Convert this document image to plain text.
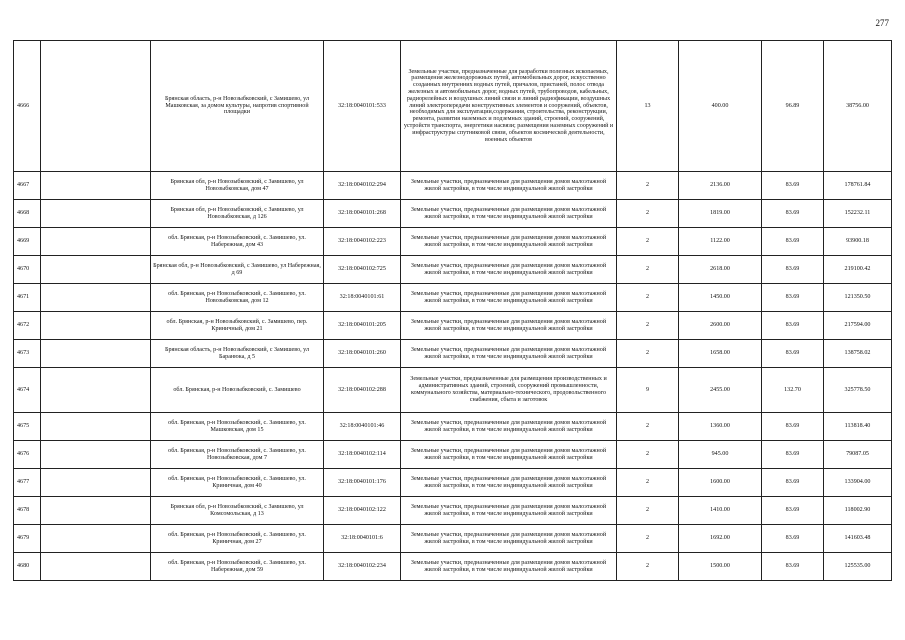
277
4666		Брянская область, р-н Новозыбковский, с Замишево, ул Машковская, за домом культуры, напротив спортивной площадки	32:18:0040101:533	Земельные участки, предназначенные для разработки полезных ископаемых, размещения железнодорожных путей, автомобильных дорог, искусственно созданных внутренних водных путей, причалов, пристаней, полос отвода железных и автомобильных дорог, водных путей, трубопроводов, кабельных, радиорелейных и воздушных линий связи и линий радиофикации, воздушных линий электропередачи конструктивных элементов и сооружений, объектов, необходимых для эксплуатации,содержания, строительства, реконструкции, ремонта, развития наземных и подземных зданий, строений, сооружений, устройств транспорта, энергетики иасвязи; размещения наземных сооружений и инфраструктуры спутниковой связи, объектов космической деятельности, военных объектов	13	400.00	96.89	38756.00
4667		Брянская обл, р-н Новозыбковский, с Замишево, ул Новозыбковская, дом 47	32:18:0040102:294	Земельные участки, предназначенные для размещения домов малоэтажной жилой застройки, в том числе индивидуальной жилой застройки	2	2136.00	83.69	178761.84
4668		Брянская обл, р-н Новозыбковский, с Замишево, ул Новозыбковская, д 126	32:18:0040101:268	Земельные участки, предназначенные для размещения домов малоэтажной жилой застройки, в том числе индивидуальной жилой застройки	2	1819.00	83.69	152232.11
4669		обл. Брянская, р-н Новозыбковский, с. Замишево, ул. Набережная, дом 43	32:18:0040102:223	Земельные участки, предназначенные для размещения домов малоэтажной жилой застройки, в том числе индивидуальной жилой застройки	2	1122.00	83.69	93900.18
4670		Брянская обл, р-н Новозыбковский, с Замишево, ул Набережная, д 69	32:18:0040102:725	Земельные участки, предназначенные для размещения домов малоэтажной жилой застройки, в том числе индивидуальной жилой застройки	2	2618.00	83.69	219100.42
4671		обл. Брянская, р-н Новозыбковский, с. Замишево, ул. Новозыбковская, дом 12	32:18:0040101:61	Земельные участки, предназначенные для размещения домов малоэтажной жилой застройки, в том числе индивидуальной жилой застройки	2	1450.00	83.69	121350.50
4672		обл. Брянская, р-н Новозыбковский, с. Замишево, пер. Криничный, дом 21	32:18:0040101:205	Земельные участки, предназначенные для размещения домов малоэтажной жилой застройки, в том числе индивидуальной жилой застройки	2	2600.00	83.69	217594.00
4673		Брянская область, р-н Новозыбковский, с Замишево, ул Баранюка, д 5	32:18:0040101:260	Земельные участки, предназначенные для размещения домов малоэтажной жилой застройки, в том числе индивидуальной жилой застройки	2	1658.00	83.69	138758.02
4674		обл. Брянская, р-н Новозыбковский, с. Замишево	32:18:0040102:288	Земельные участки, предназначенные для размещения производственных и административных зданий, строений, сооружений промышленности, коммунального хозяйства, материально-технического, продовольственного снабжения, сбыта и заготовок	9	2455.00	132.70	325778.50
4675		обл. Брянская, р-н Новозыбковский, с. Замишево, ул. Машковская, дом 15	32:18:0040101:46	Земельные участки, предназначенные для размещения домов малоэтажной жилой застройки, в том числе индивидуальной жилой застройки	2	1360.00	83.69	113818.40
4676		обл. Брянская, р-н Новозыбковский, с. Замишево, ул. Новозыбковская, дом 7	32:18:0040102:114	Земельные участки, предназначенные для размещения домов малоэтажной жилой застройки, в том числе индивидуальной жилой застройки	2	945.00	83.69	79087.05
4677		обл. Брянская, р-н Новозыбковский, с. Замишево, ул. Криничная, дом 40	32:18:0040101:176	Земельные участки, предназначенные для размещения домов малоэтажной жилой застройки, в том числе индивидуальной жилой застройки	2	1600.00	83.69	133904.00
4678		Брянская обл, р-н Новозыбковский, с Замишево, ул Комсомольская, д 13	32:18:0040102:122	Земельные участки, предназначенные для размещения домов малоэтажной жилой застройки, в том числе индивидуальной жилой застройки	2	1410.00	83.69	118002.90
4679		обл. Брянская, р-н Новозыбковский, с. Замишево, ул. Криничная, дом 27	32:18:0040101:6	Земельные участки, предназначенные для размещения домов малоэтажной жилой застройки, в том числе индивидуальной жилой застройки	2	1692.00	83.69	141603.48
4680		обл. Брянская, р-н Новозыбковский, с. Замишево, ул. Набережная, дом 59	32:18:0040102:234	Земельные участки, предназначенные для размещения домов малоэтажной жилой застройки, в том числе индивидуальной жилой застройки	2	1500.00	83.69	125535.00
